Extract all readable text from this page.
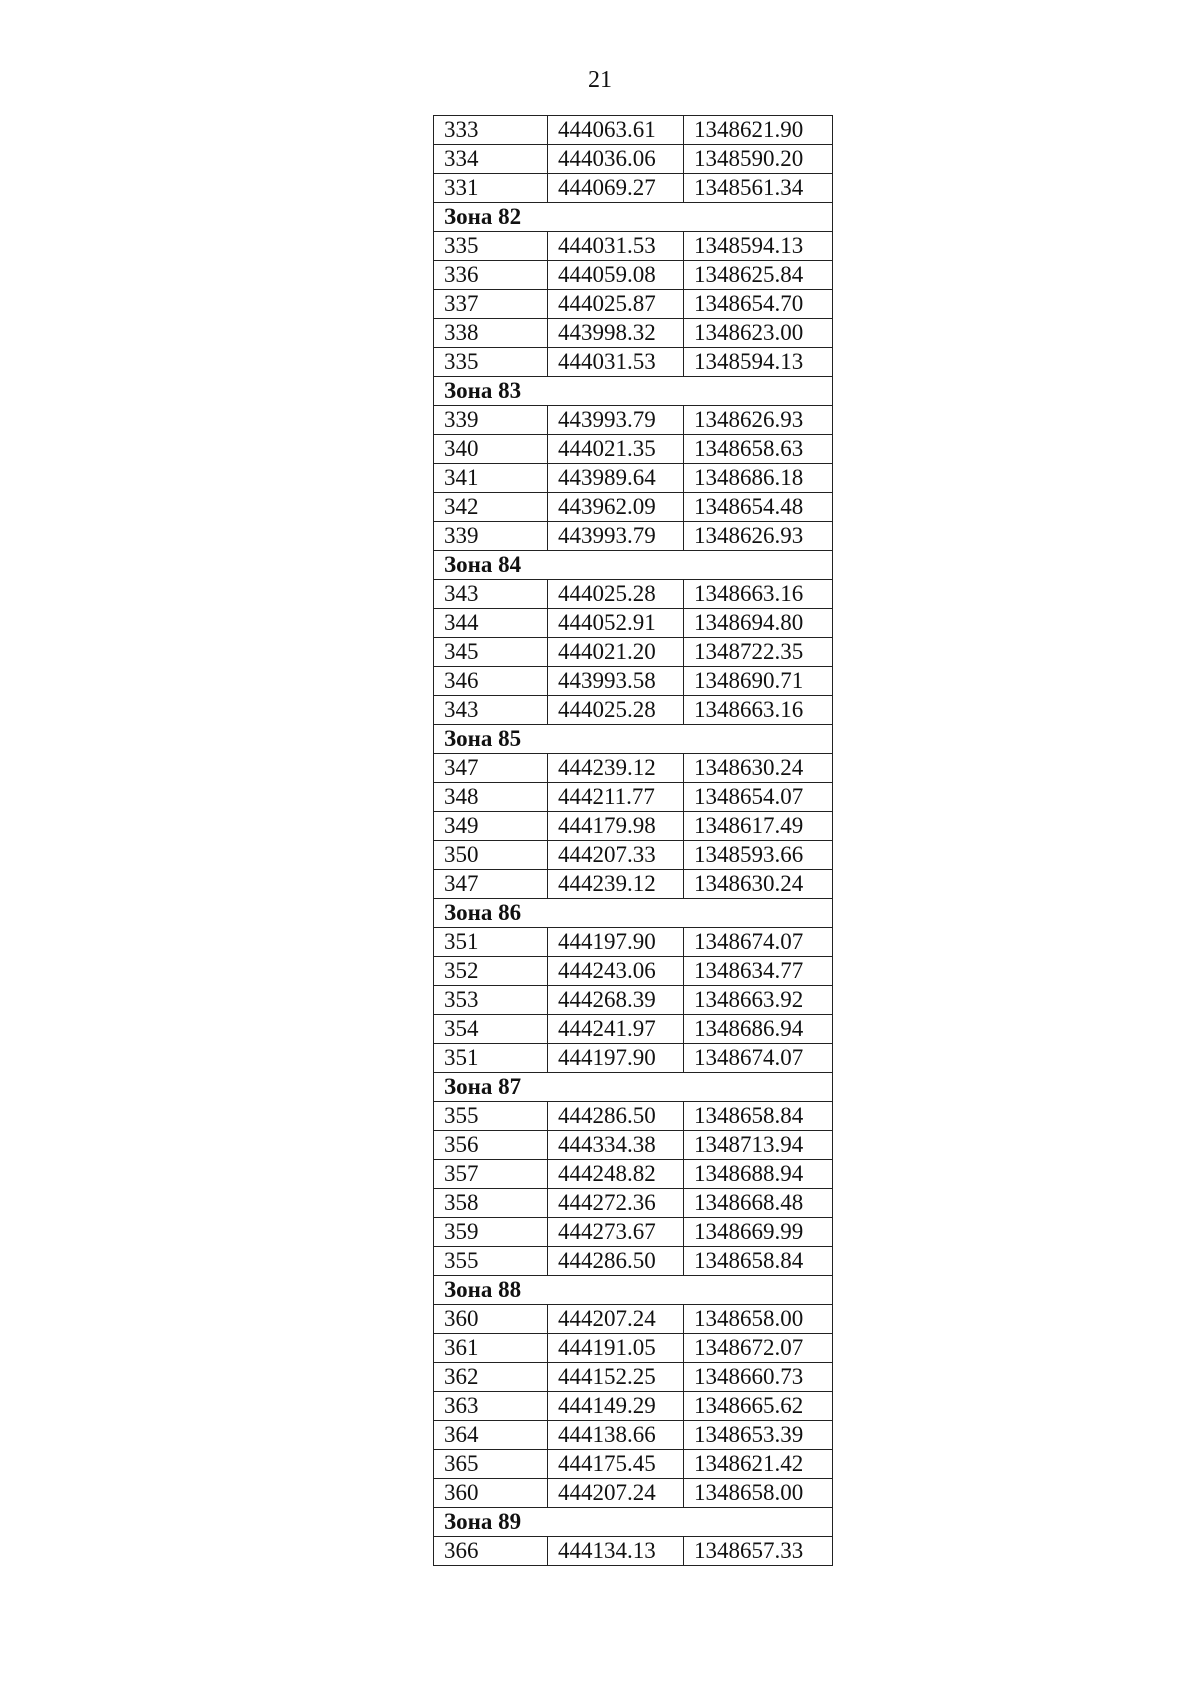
21
333	444063.61	1348621.90
334	444036.06	1348590.20
331	444069.27	1348561.34
Зона 82		
335	444031.53	1348594.13
336	444059.08	1348625.84
337	444025.87	1348654.70
338	443998.32	1348623.00
335	444031.53	1348594.13
Зона 83		
339	443993.79	1348626.93
340	444021.35	1348658.63
341	443989.64	1348686.18
342	443962.09	1348654.48
339	443993.79	1348626.93
Зона 84		
343	444025.28	1348663.16
344	444052.91	1348694.80
345	444021.20	1348722.35
346	443993.58	1348690.71
343	444025.28	1348663.16
Зона 85		
347	444239.12	1348630.24
348	444211.77	1348654.07
349	444179.98	1348617.49
350	444207.33	1348593.66
347	444239.12	1348630.24
Зона 86		
351	444197.90	1348674.07
352	444243.06	1348634.77
353	444268.39	1348663.92
354	444241.97	1348686.94
351	444197.90	1348674.07
Зона 87		
355	444286.50	1348658.84
356	444334.38	1348713.94
357	444248.82	1348688.94
358	444272.36	1348668.48
359	444273.67	1348669.99
355	444286.50	1348658.84
Зона 88		
360	444207.24	1348658.00
361	444191.05	1348672.07
362	444152.25	1348660.73
363	444149.29	1348665.62
364	444138.66	1348653.39
365	444175.45	1348621.42
360	444207.24	1348658.00
Зона 89		
366	444134.13	1348657.33
